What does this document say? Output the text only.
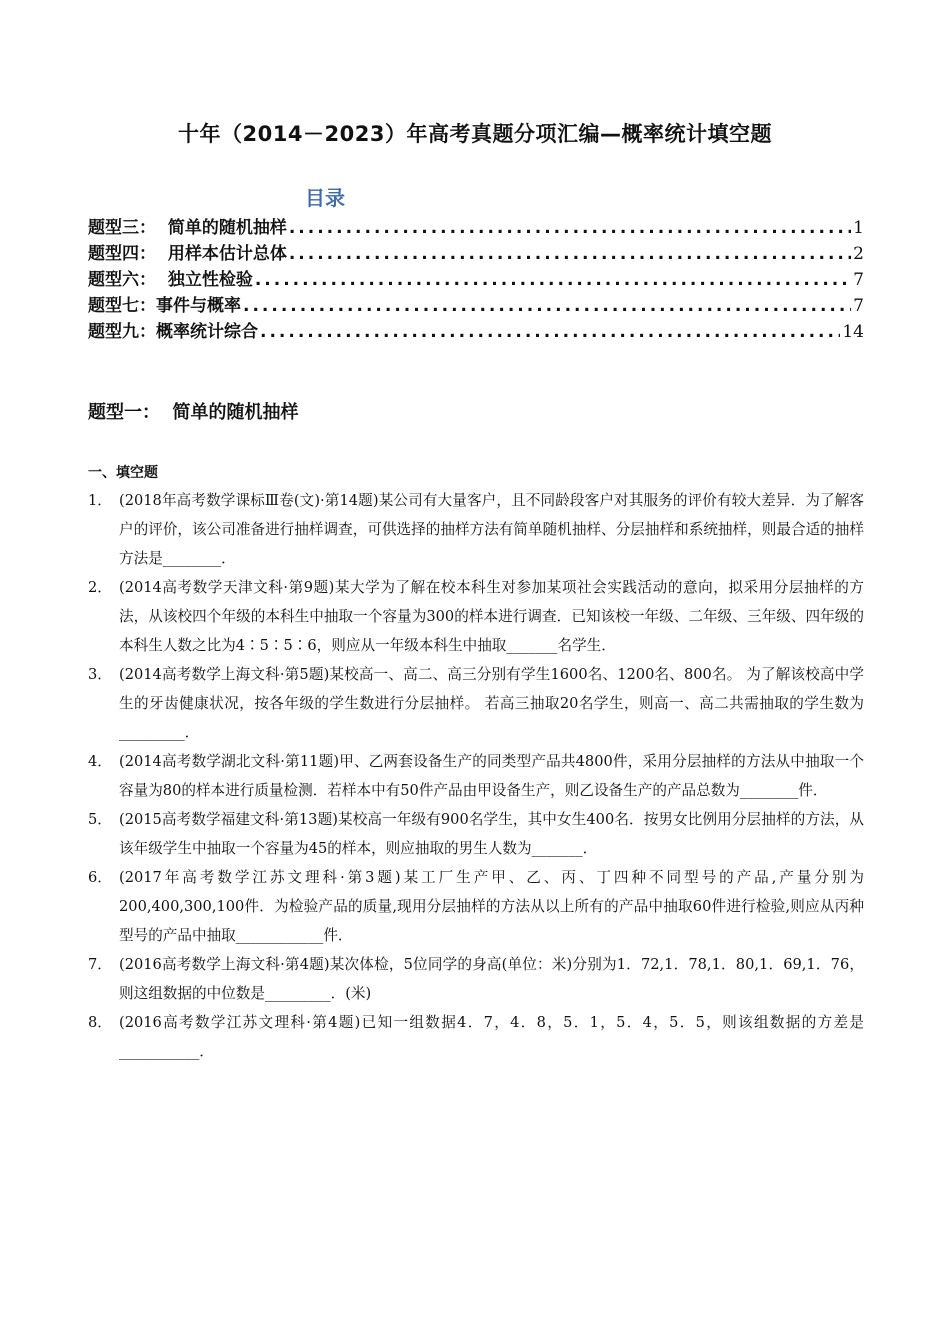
十年（2014－2023）年高考真题分项汇编—概率统计填空题
目录
题型三：  简单的随机抽样 .....	1
题型四：  用样本估计总体 .....	2
题型六：  独立性检验 .....	7
题型七：事件与概率 .....	7
题型九：概率统计综合 .....	14
题型一：  简单的随机抽样
一、填空题
1． (2018年高考数学课标Ⅲ卷(文)·第14题)某公司有大量客户，且不同龄段客户对其服务的评价有较大差异．为了解客户的评价，该公司准备进行抽样调查，可供选择的抽样方法有简单随机抽样、分层抽样和系统抽样，则最合适的抽样方法是________．
2． (2014高考数学天津文科·第9题)某大学为了解在校本科生对参加某项社会实践活动的意向，拟采用分层抽样的方法，从该校四个年级的本科生中抽取一个容量为300的样本进行调查．已知该校一年级、二年级、三年级、四年级的本科生人数之比为4∶5∶5∶6，则应从一年级本科生中抽取_______名学生．
3． (2014高考数学上海文科·第5题)某校高一、高二、高三分别有学生1600名、1200名、800名。 为了解该校高中学生的牙齿健康状况，按各年级的学生数进行分层抽样。 若高三抽取20名学生，则高一、高二共需抽取的学生数为_________．
4． (2014高考数学湖北文科·第11题)甲、乙两套设备生产的同类型产品共4800件，采用分层抽样的方法从中抽取一个容量为80的样本进行质量检测．若样本中有50件产品由甲设备生产，则乙设备生产的产品总数为________件．
5． (2015高考数学福建文科·第13题)某校高一年级有900名学生，其中女生400名．按男女比例用分层抽样的方法，从该年级学生中抽取一个容量为45的样本，则应抽取的男生人数为_______．
6． (2017年高考数学江苏文理科·第3题)某工厂生产甲、乙、丙、丁四种不同型号的产品,产量分别为200,400,300,100件．为检验产品的质量,现用分层抽样的方法从以上所有的产品中抽取60件进行检验,则应从丙种型号的产品中抽取____________件．
7． (2016高考数学上海文科·第4题)某次体检，5位同学的身高(单位：米)分别为1．72,1．78,1．80,1．69,1．76，则这组数据的中位数是_________．(米)
8． (2016高考数学江苏文理科·第4题)已知一组数据4．7，4．8，5．1，5．4，5．5，则该组数据的方差是___________．
